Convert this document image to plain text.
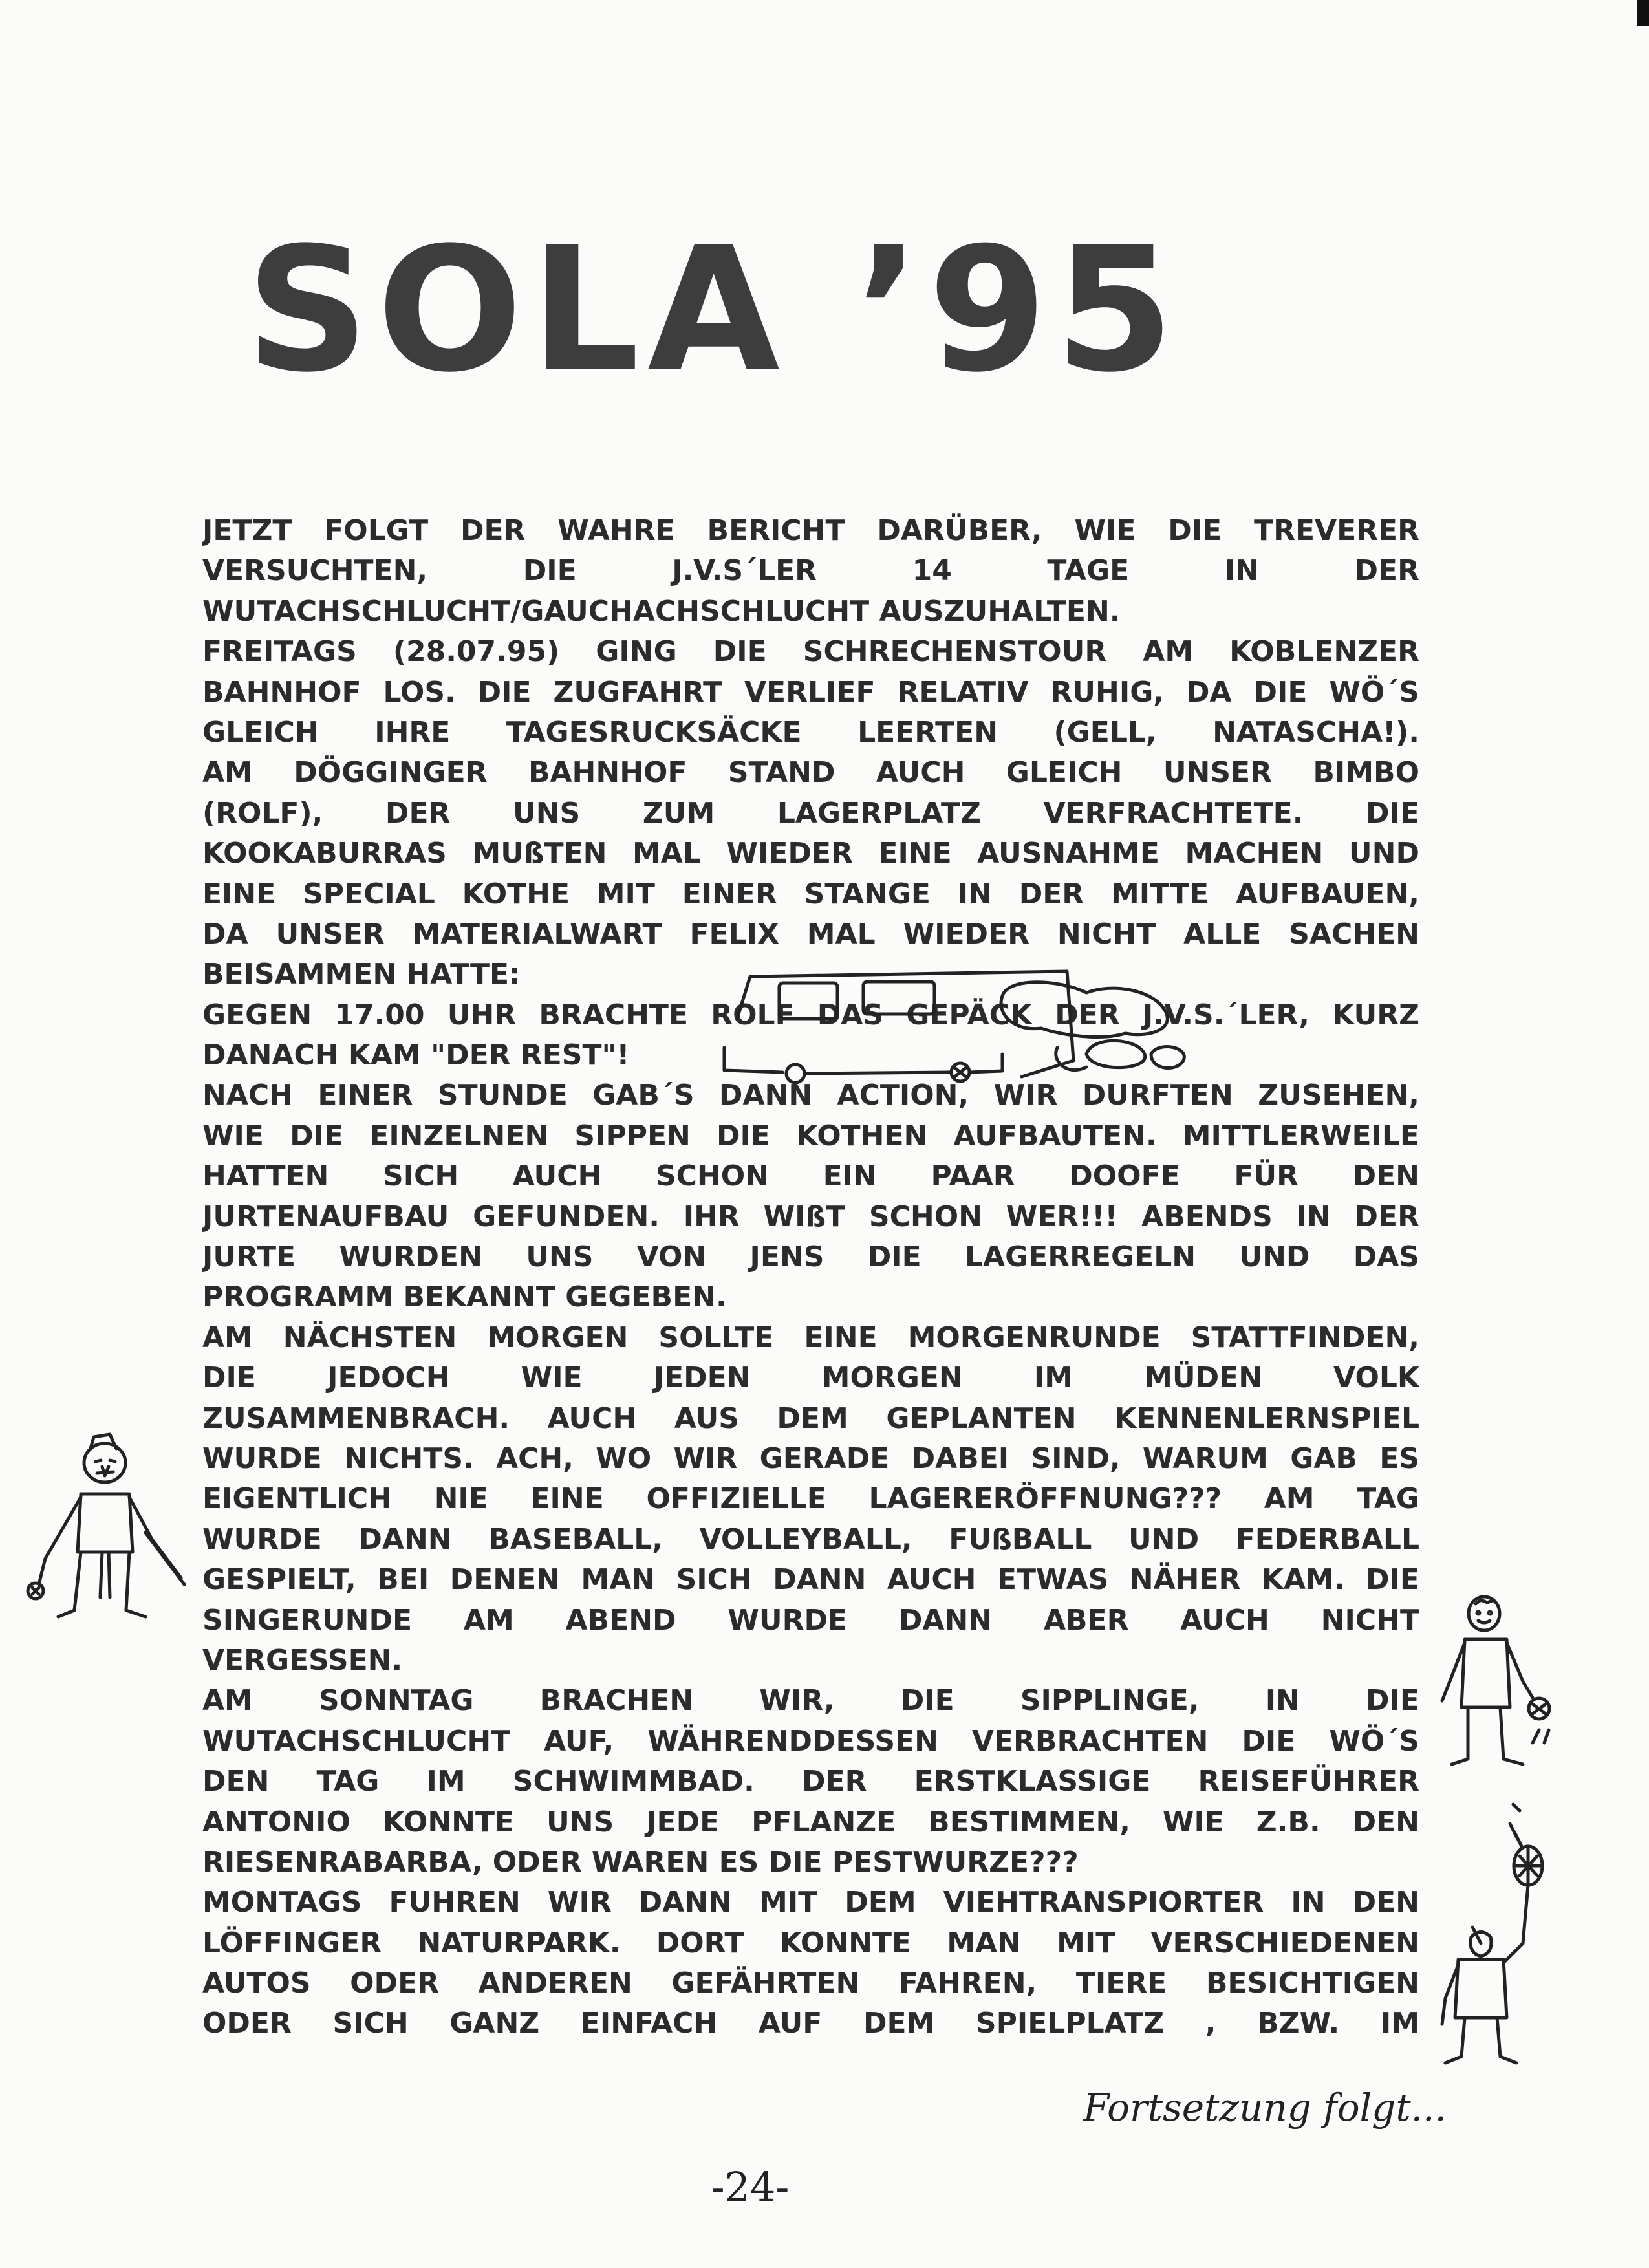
SOLA ’95
JETZT FOLGT DER WAHRE BERICHT DARÜBER, WIE DIE TREVERER
VERSUCHTEN, DIE J.V.S´LER 14 TAGE IN DER
WUTACHSCHLUCHT/GAUCHACHSCHLUCHT AUSZUHALTEN.
FREITAGS (28.07.95) GING DIE SCHRECHENSTOUR AM KOBLENZER
BAHNHOF LOS. DIE ZUGFAHRT VERLIEF RELATIV RUHIG, DA DIE WÖ´S
GLEICH IHRE TAGESRUCKSÄCKE LEERTEN (GELL, NATASCHA!).
AM DÖGGINGER BAHNHOF STAND AUCH GLEICH UNSER BIMBO
(ROLF), DER UNS ZUM LAGERPLATZ VERFRACHTETE. DIE
KOOKABURRAS MUßTEN MAL WIEDER EINE AUSNAHME MACHEN UND
EINE SPECIAL KOTHE MIT EINER STANGE IN DER MITTE AUFBAUEN,
DA UNSER MATERIALWART FELIX MAL WIEDER NICHT ALLE SACHEN
BEISAMMEN HATTE:
GEGEN 17.00 UHR BRACHTE ROLF DAS GEPÄCK DER J.V.S.´LER, KURZ
DANACH KAM "DER REST"!
NACH EINER STUNDE GAB´S DANN ACTION, WIR DURFTEN ZUSEHEN,
WIE DIE EINZELNEN SIPPEN DIE KOTHEN AUFBAUTEN. MITTLERWEILE
HATTEN SICH AUCH SCHON EIN PAAR DOOFE FÜR DEN
JURTENAUFBAU GEFUNDEN. IHR WIßT SCHON WER!!! ABENDS IN DER
JURTE WURDEN UNS VON JENS DIE LAGERREGELN UND DAS
PROGRAMM BEKANNT GEGEBEN.
AM NÄCHSTEN MORGEN SOLLTE EINE MORGENRUNDE STATTFINDEN,
DIE JEDOCH WIE JEDEN MORGEN IM MÜDEN VOLK
ZUSAMMENBRACH. AUCH AUS DEM GEPLANTEN KENNENLERNSPIEL
WURDE NICHTS. ACH, WO WIR GERADE DABEI SIND, WARUM GAB ES
EIGENTLICH NIE EINE OFFIZIELLE LAGERERÖFFNUNG??? AM TAG
WURDE DANN BASEBALL, VOLLEYBALL, FUßBALL UND FEDERBALL
GESPIELT, BEI DENEN MAN SICH DANN AUCH ETWAS NÄHER KAM. DIE
SINGERUNDE AM ABEND WURDE DANN ABER AUCH NICHT
VERGESSEN.
AM SONNTAG BRACHEN WIR, DIE SIPPLINGE, IN DIE
WUTACHSCHLUCHT AUF, WÄHRENDDESSEN VERBRACHTEN DIE WÖ´S
DEN TAG IM SCHWIMMBAD. DER ERSTKLASSIGE REISEFÜHRER
ANTONIO KONNTE UNS JEDE PFLANZE BESTIMMEN, WIE Z.B. DEN
RIESENRABARBA, ODER WAREN ES DIE PESTWURZE???
MONTAGS FUHREN WIR DANN MIT DEM VIEHTRANSPIORTER IN DEN
LÖFFINGER NATURPARK. DORT KONNTE MAN MIT VERSCHIEDENEN
AUTOS ODER ANDEREN GEFÄHRTEN FAHREN, TIERE BESICHTIGEN
ODER SICH GANZ EINFACH AUF DEM SPIELPLATZ , BZW. IM
Fortsetzung folgt...
-24-
